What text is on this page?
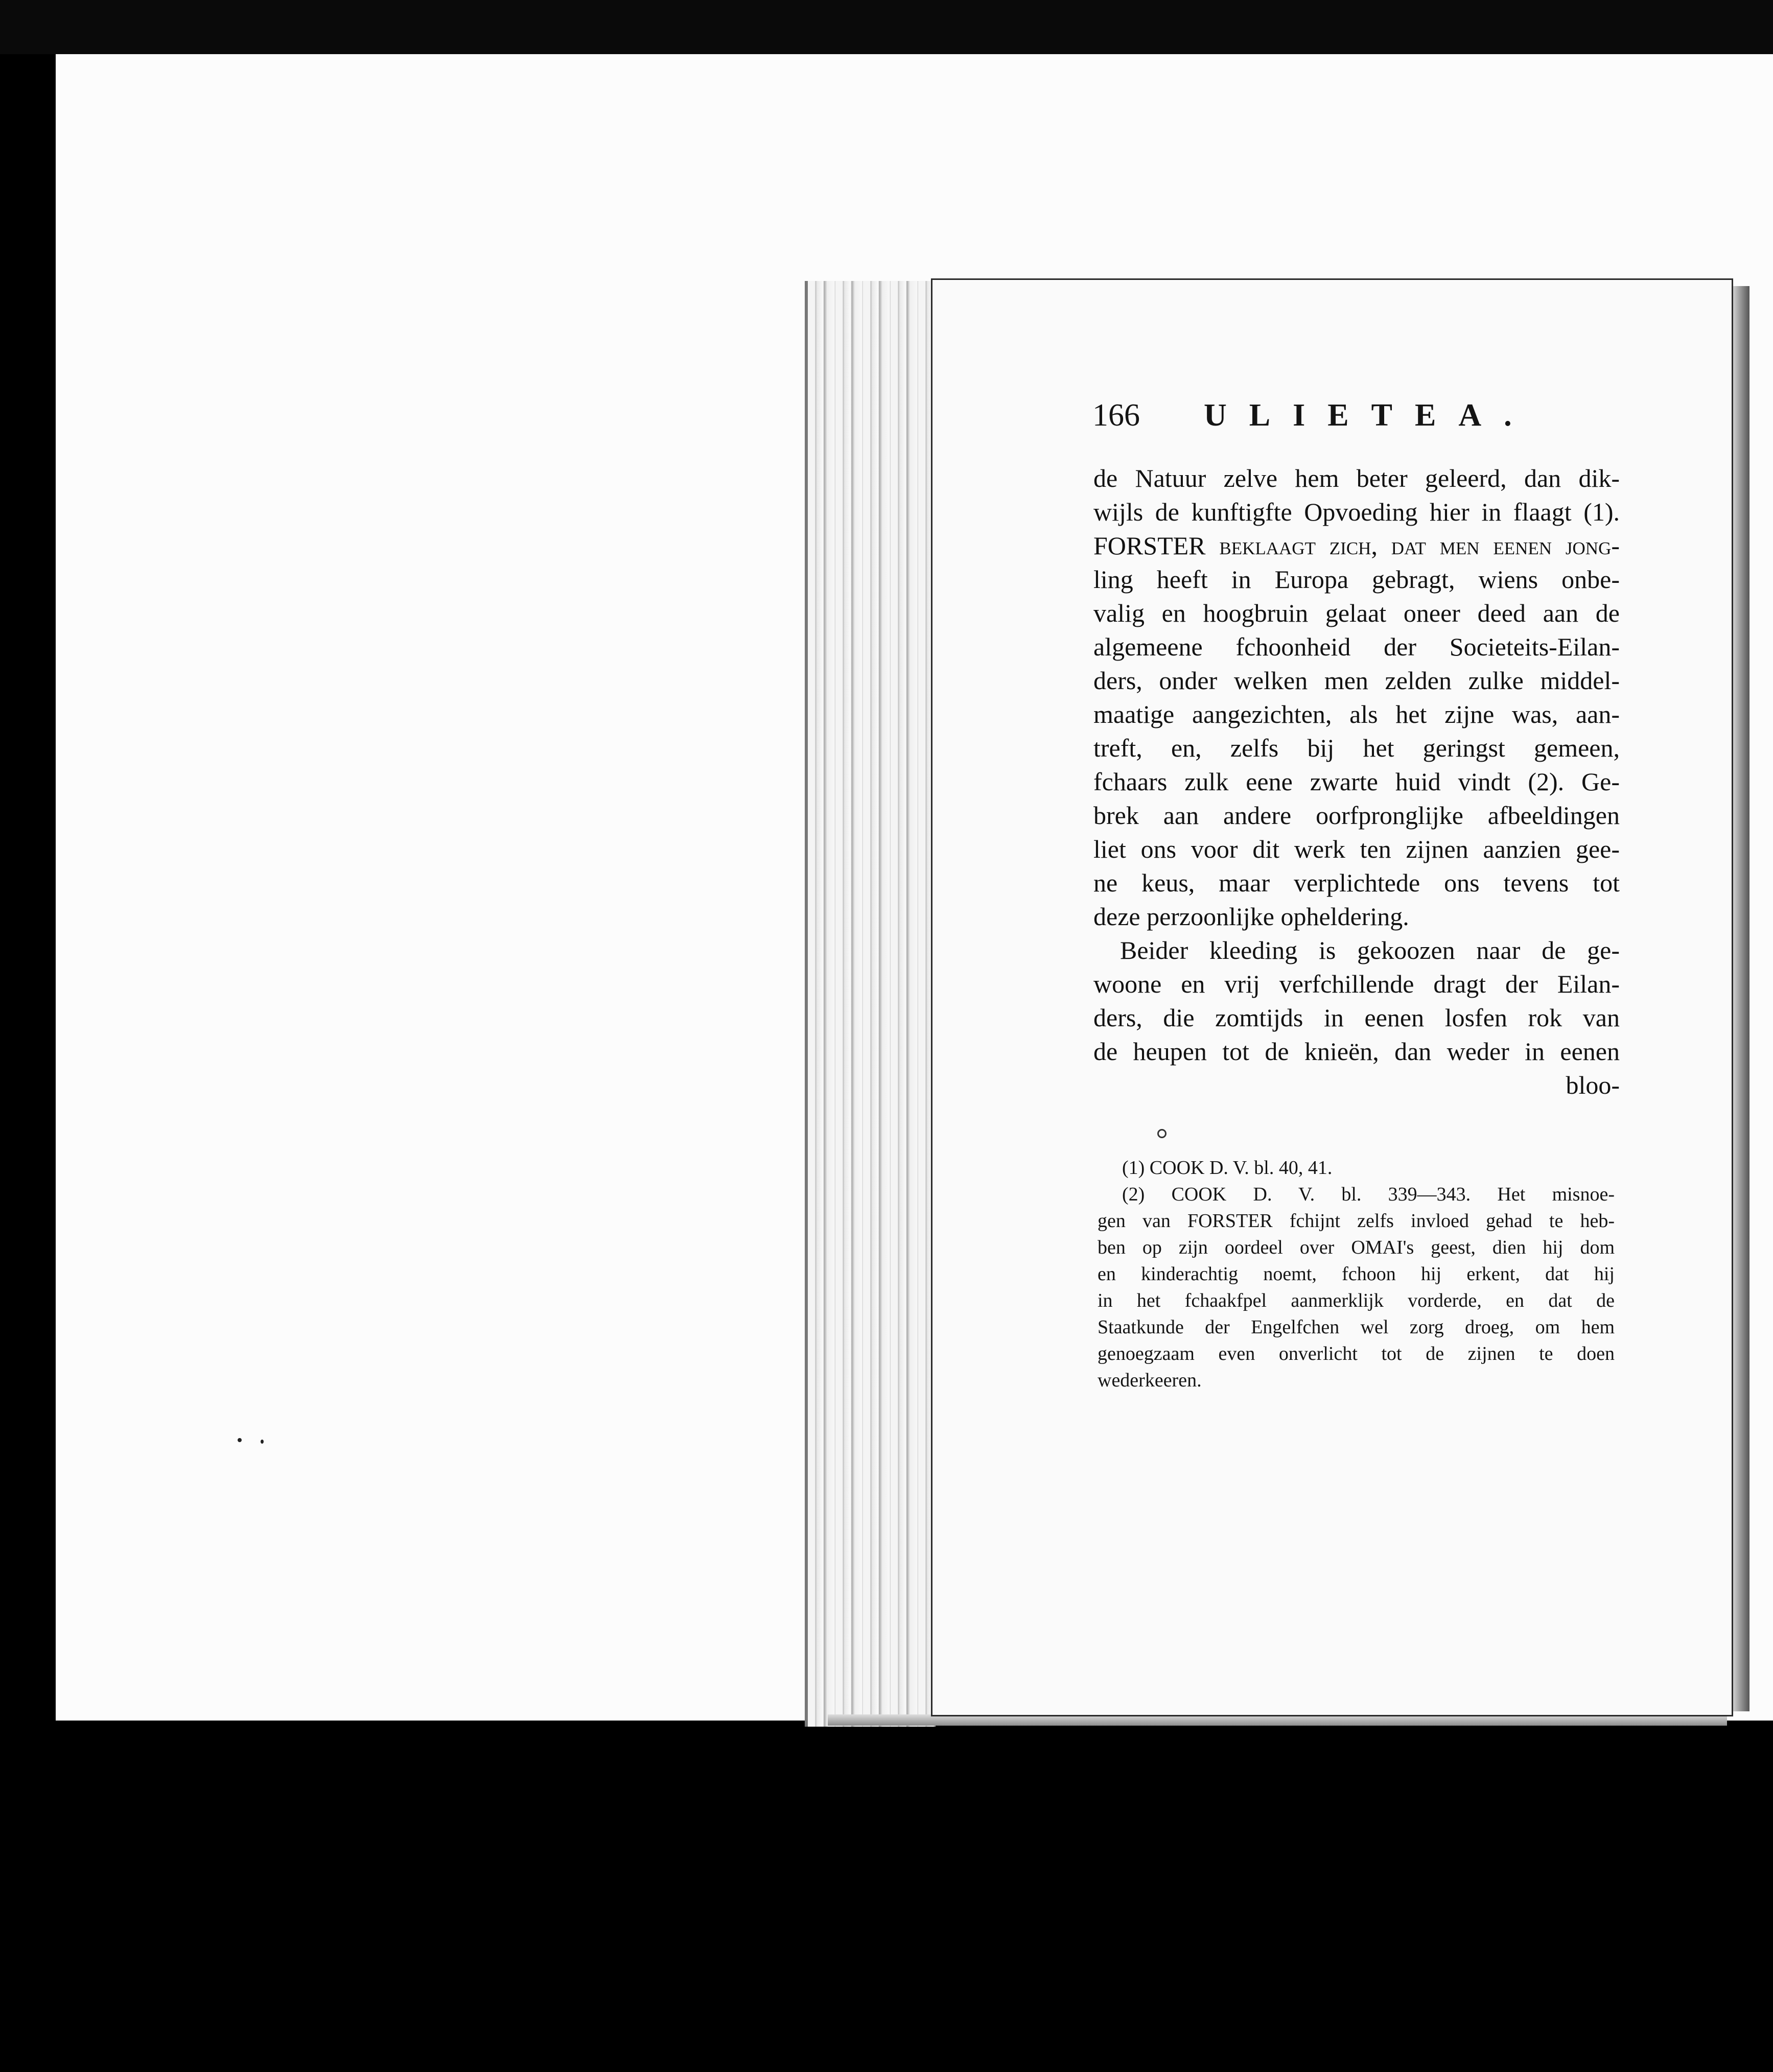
166 ULIETEA.
de Natuur zelve hem beter geleerd, dan dik-
wijls de kunftigfte Opvoeding hier in flaagt (1).
FORSTER beklaagt zich, dat men eenen jong-
ling heeft in Europa gebragt, wiens onbe-
valig en hoogbruin gelaat oneer deed aan de
algemeene fchoonheid der Societeits-Eilan-
ders, onder welken men zelden zulke middel-
maatige aangezichten, als het zijne was, aan-
treft, en, zelfs bij het geringst gemeen,
fchaars zulk eene zwarte huid vindt (2). Ge-
brek aan andere oorfpronglijke afbeeldingen
liet ons voor dit werk ten zijnen aanzien gee-
ne keus, maar verplichtede ons tevens tot
deze perzoonlijke opheldering.
Beider kleeding is gekoozen naar de ge-
woone en vrij verfchillende dragt der Eilan-
ders, die zomtijds in eenen losfen rok van
de heupen tot de knieën, dan weder in eenen
bloo-
(1) COOK D. V. bl. 40, 41.
(2) COOK D. V. bl. 339—343. Het misnoe-
gen van FORSTER fchijnt zelfs invloed gehad te heb-
ben op zijn oordeel over OMAI's geest, dien hij dom
en kinderachtig noemt, fchoon hij erkent, dat hij
in het fchaakfpel aanmerklijk vorderde, en dat de
Staatkunde der Engelfchen wel zorg droeg, om hem
genoegzaam even onverlicht tot de zijnen te doen
wederkeeren.
